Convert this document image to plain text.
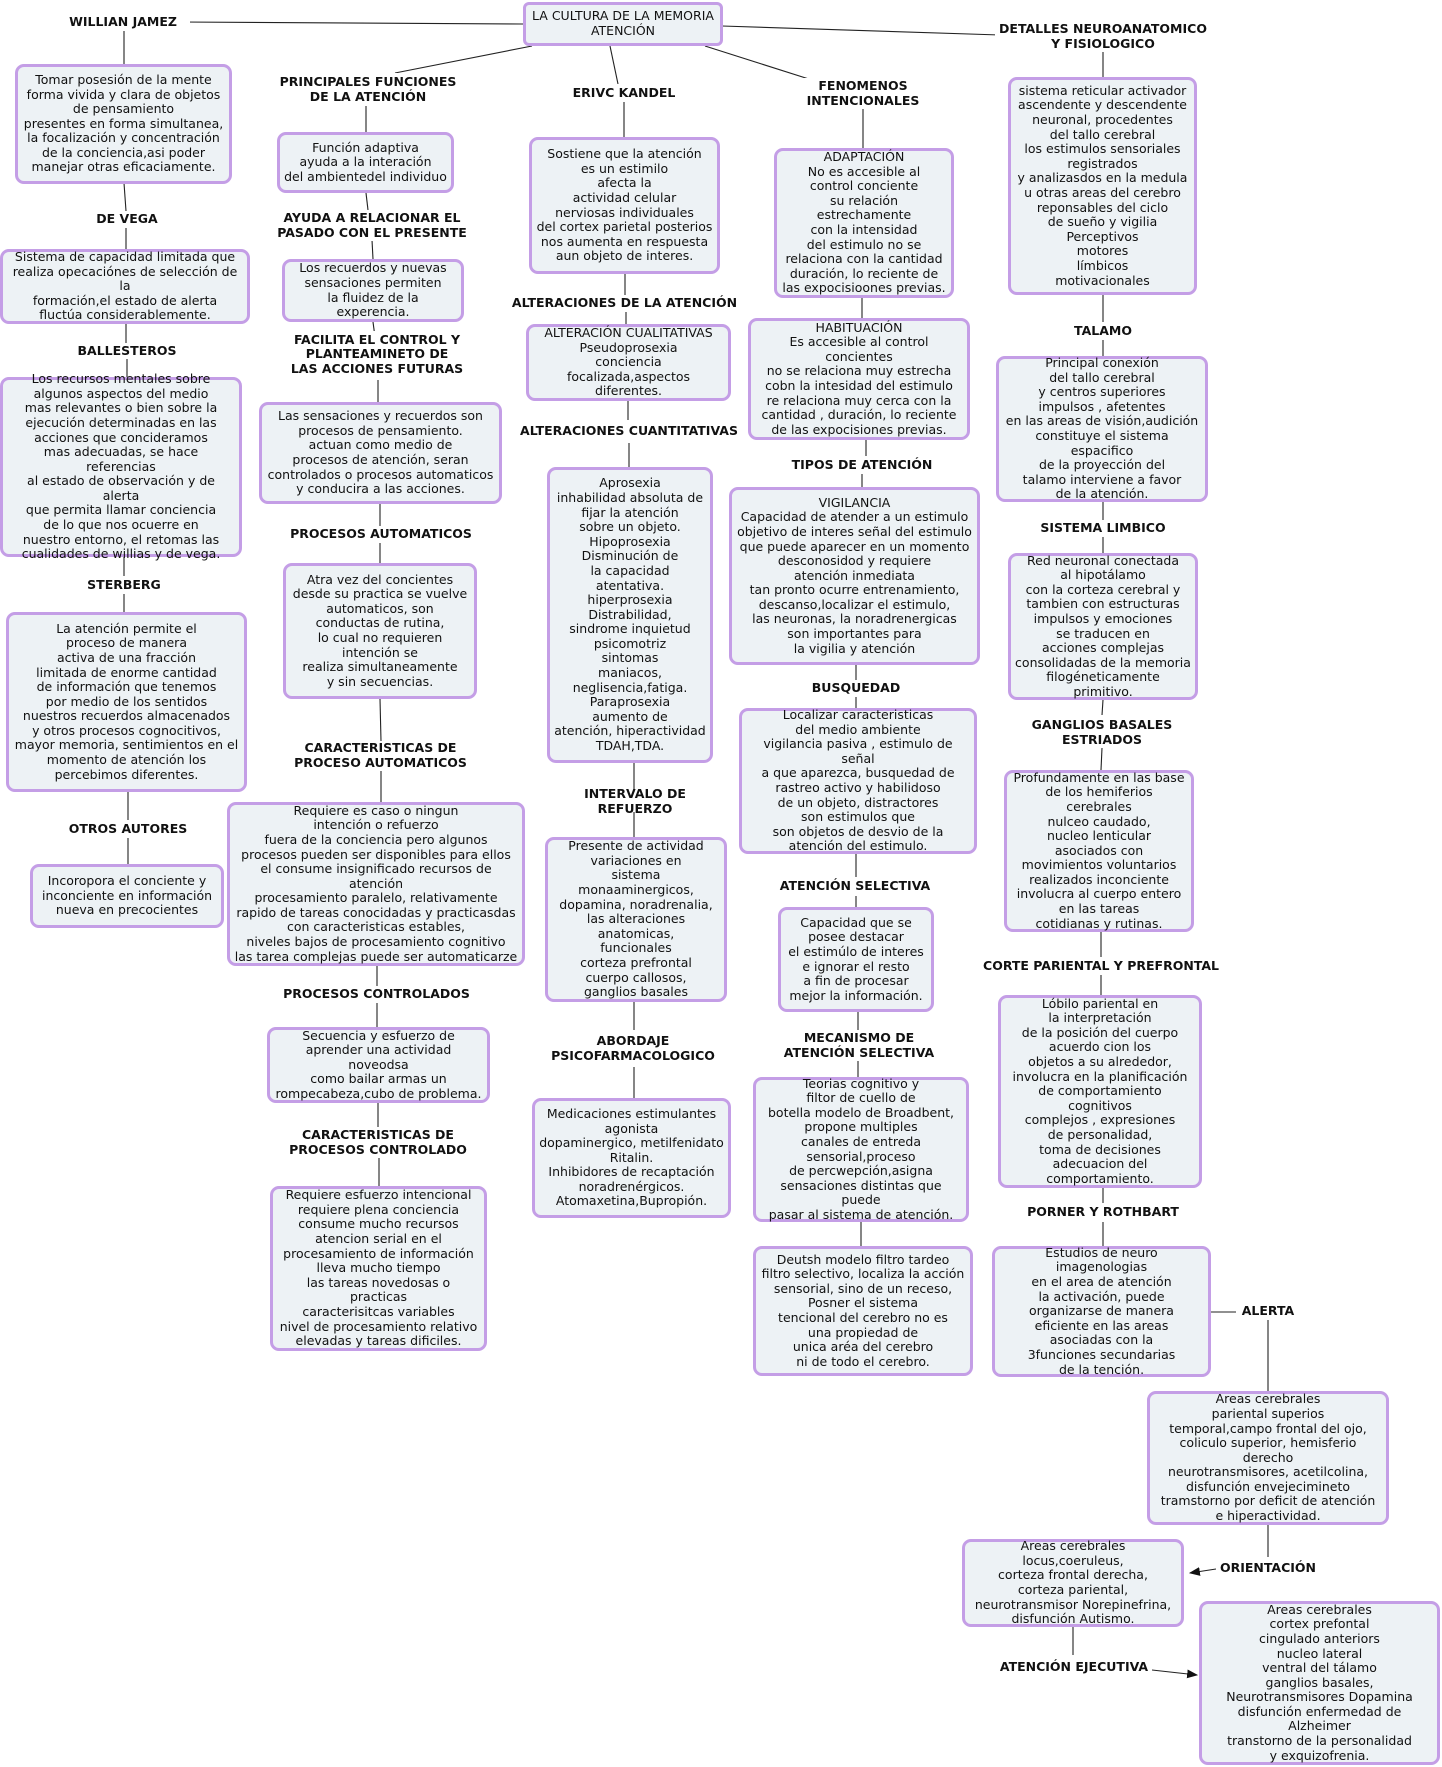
LA CULTURA DE LA MEMORIA
ATENCIÓN
WILLIAN JAMEZ
Tomar posesión de la mente
forma vivida y clara de objetos
de pensamiento
presentes en forma simultanea,
la focalización y concentración
de la conciencia,asi poder
manejar otras eficaciamente.
DE VEGA
Sistema de capacidad limitada que
realiza opecaciónes de selección de la
formación,el estado de alerta
fluctúa considerablemente.
BALLESTEROS
Los recursos mentales sobre
algunos aspectos del medio
mas relevantes o bien sobre la
ejecución determinadas en las
acciones que concideramos
mas adecuadas, se hace referencias
al estado de observación y de alerta
que permita llamar conciencia
de lo que nos ocuerre en
nuestro entorno, el retomas las
cualidades de willias y de vega.
STERBERG
La atención permite el
proceso de manera
activa de una fracción
limitada de enorme cantidad
de información que tenemos
por medio de los sentidos
nuestros recuerdos almacenados
y otros procesos cognocitivos,
mayor memoria, sentimientos en el
momento de atención los
percebimos diferentes.
OTROS AUTORES
Incoropora el conciente y
inconciente en información
nueva en precocientes
PRINCIPALES FUNCIONES
DE LA ATENCIÓN
Función adaptiva
ayuda a la interación
del ambientedel individuo
AYUDA A RELACIONAR EL
PASADO CON EL PRESENTE
Los recuerdos y nuevas
sensaciones permiten
la fluidez de la experencia.
FACILITA EL CONTROL Y
PLANTEAMINETO DE
LAS ACCIONES FUTURAS
Las sensaciones y recuerdos son
procesos de pensamiento.
actuan como medio de
procesos de atención, seran
controlados o procesos automaticos
y conducira a las acciones.
PROCESOS AUTOMATICOS
Atra vez del concientes
desde su practica se vuelve
automaticos, son
conductas de rutina,
lo cual no requieren
intención se
realiza simultaneamente
y sin secuencias.
CARACTERISTICAS DE
PROCESO AUTOMATICOS
Requiere es caso o ningun
intención o refuerzo
fuera de la conciencia pero algunos
procesos pueden ser disponibles para ellos
el consume insignificado recursos de atención
procesamiento paralelo, relativamente
rapido de tareas conocidadas y practicasdas
con caracteristicas estables,
niveles bajos de procesamiento cognitivo
las tarea complejas puede ser automaticarze
PROCESOS CONTROLADOS
Secuencia y esfuerzo de
aprender una actividad noveodsa
como bailar armas un
rompecabeza,cubo de problema.
CARACTERISTICAS DE
PROCESOS CONTROLADO
Requiere esfuerzo intencional
requiere plena conciencia
consume mucho recursos
atencion serial en el
procesamiento de información
lleva mucho tiempo
las tareas novedosas o practicas
caracterisitcas variables
nivel de procesamiento relativo
elevadas y tareas dificiles.
ERIVC KANDEL
Sostiene que la atención
es un estimilo
afecta la
actividad celular
nerviosas individuales
del cortex parietal posterios
nos aumenta en respuesta
aun objeto de interes.
ALTERACIONES DE LA ATENCIÓN
ALTERACIÓN CUALITATIVAS
Pseudoprosexia
conciencia focalizada,aspectos
diferentes.
ALTERACIONES CUANTITATIVAS
Aprosexia
inhabilidad absoluta de
fijar la atención
sobre un objeto.
Hipoprosexia
Disminución de
la capacidad
atentativa.
hiperprosexia
Distrabilidad,
sindrome inquietud
psicomotriz
sintomas
maniacos,
neglisencia,fatiga.
Paraprosexia
aumento de
atención, hiperactividad
TDAH,TDA.
INTERVALO DE REFUERZO
Presente de actividad
variaciones en
sistema monaaminergicos,
dopamina, noradrenalia,
las alteraciones
anatomicas,
funcionales
corteza prefrontal
cuerpo callosos,
ganglios basales
ABORDAJE
PSICOFARMACOLOGICO
Medicaciones estimulantes
agonista
dopaminergico, metilfenidato
Ritalin.
Inhibidores de recaptación
noradrenérgicos.
Atomaxetina,Bupropión.
FENOMENOS
INTENCIONALES
ADAPTACIÓN
No es accesible al
control conciente
su relación estrechamente
con la intensidad
del estimulo no se
relaciona con la cantidad
duración, lo reciente de
las expocisiooneѕ previas.
HABITUACIÓN
Es accesible al control concientes
no se relaciona muy estrecha
cobn la intesidad del estimulo
re relaciona muy cerca con la
cantidad , duración, lo reciente
de las expocisiones previas.
TIPOS DE ATENCIÓN
VIGILANCIA
Capacidad de atender a un estimulo
objetivo de interes señal del estimulo
que puede aparecer en un momento
desconosidod y requiere
atención inmediata
tan pronto ocurre entrenamiento,
descanso,localizar el estimulo,
las neuronas, la noradrenergicas
son importantes para
la vigilia y atención
BUSQUEDAD
Localizar caracteristicas
del medio ambiente
vigilancia pasiva , estimulo de señal
a que aparezca, busquedad de
rastreo activo y habilidoso
de un objeto, distractores
son estimulos que
son objetos de desvio de la
atención del estimulo.
ATENCIÓN SELECTIVA
Capacidad que se
posee destacar
el estimúlo de interes
e ignorar el resto
a fin de procesar
mejor la información.
MECANISMO DE
ATENCIÓN SELECTIVA
Teorias cognitivo y
filtor de cuello de
botella modelo de Broadbent,
propone multiples
canales de entreda
sensorial,proceso
de percwepción,asigna
sensaciones distintas que puede
pasar al sistema de atención.
Deutsh modelo filtro tardeo
filtro selectivo, localiza la acción
sensorial, sino de un receso,
Posner el sistema
tencional del cerebro no es
una propiedad de
unica aréa del cerebro
ni de todo el cerebro.
DETALLES NEUROANATOMICO
Y FISIOLOGICO
sistema reticular activador
ascendente y descendente
neuronal, procedentes
del tallo cerebral
los estimulos sensoriales
registrados
y analizasdos en la medula
u otras areas del cerebro
reponsables del ciclo
de sueño y vigilia
Perceptivos
motores
límbicos
motivacionales
TALAMO
Principal conexión
del tallo cerebral
y centros superiores
impulsos , afetentes
en las areas de visión,audición
constituye el sistema espacifico
de la proyección del
talamo interviene a favor
de la atención.
SISTEMA LIMBICO
Red neuronal conectada
al hipotálamo
con la corteza cerebral y
tambien con estructuras
impulsos y emociones
se traducen en
acciones complejas
consolidadas de la memoria
filogéneticamente primitivo.
GANGLIOS BASALES
ESTRIADOS
Profundamente en las base
de los hemiferios cerebrales
nulceo caudado,
nucleo lenticular
asociados con
movimientos voluntarios
realizados inconciente
involucra al cuerpo entero
en las tareas
cotidianas y rutinas.
CORTE PARIENTAL Y PREFRONTAL
Lóbilo pariental en
la interpretación
de la posición del cuerpo
acuerdo cion los
objetos a su alrededor,
involucra en la planificación
de comportamiento cognitivos
complejos , expresiones
de personalidad,
toma de decisiones
adecuacion del
comportamiento.
PORNER Y ROTHBART
Estudios de neuro imagenologias
en el area de atención
la activación, puede
organizarse de manera
eficiente en las areas
asociadas con la
3funciones secundarias
de la tención.
ALERTA
Areas cerebrales
pariental superios
temporal,campo frontal del ojo,
coliculo superior, hemisferio derecho
neurotransmisores, acetilcolina,
disfunción envejecimineto
tramstorno por deficit de atención
e hiperactividad.
ORIENTACIÓN
Areas cerebrales locus,coeruleus,
corteza frontal derecha,
corteza pariental,
neurotransmisor Norepinefrina,
disfunción Autismo.
ATENCIÓN EJECUTIVA
Areas cerebrales
cortex prefontal
cingulado anteriors
nucleo lateral
ventral del tálamo
ganglios basales,
Neurotransmisores Dopamina
disfunción enfermedad de Alzheimer
transtorno de la personalidad
y exquizofrenia.
